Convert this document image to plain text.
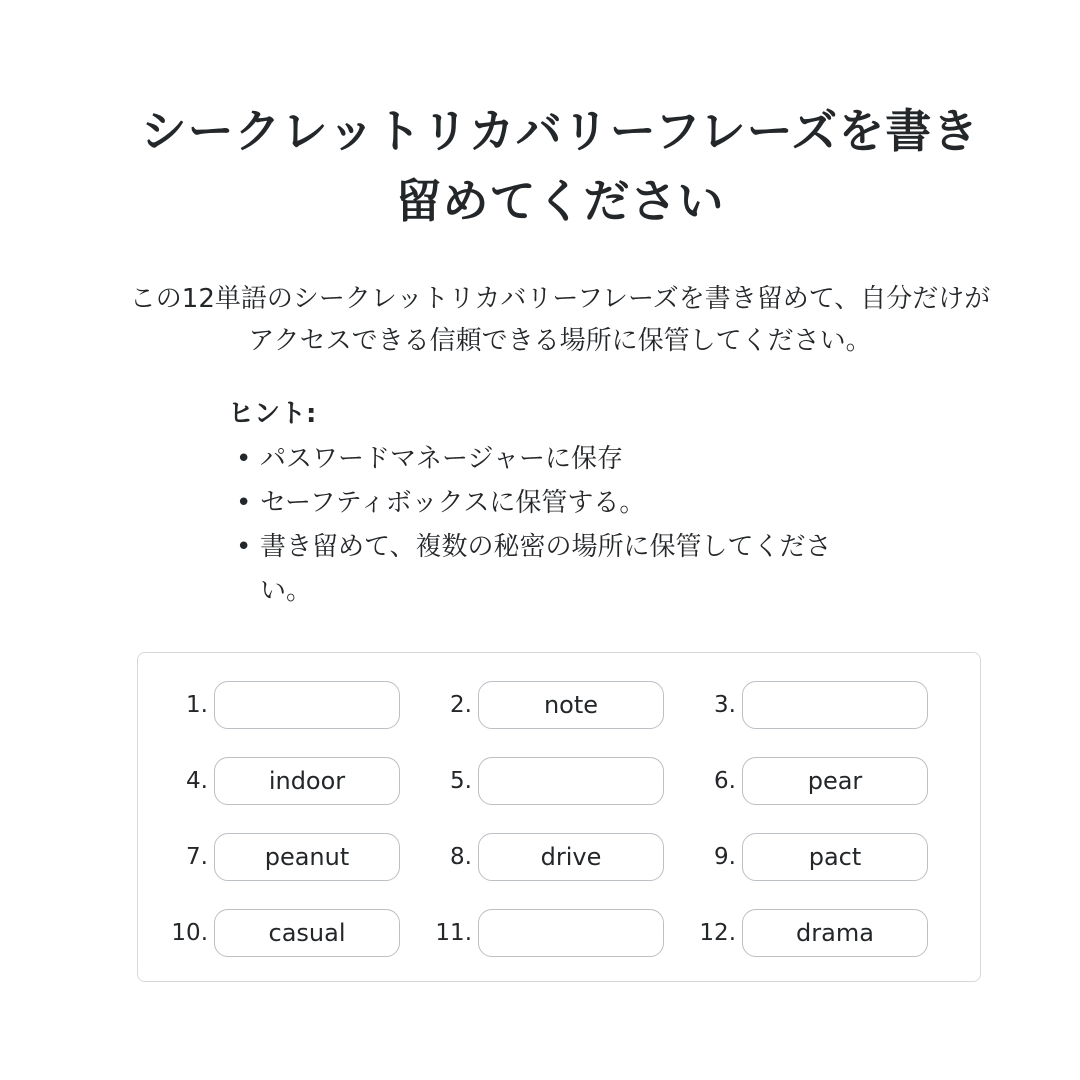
シークレットリカバリーフレーズを書き留めてください

この12単語のシークレットリカバリーフレーズを書き留めて、自分だけがアクセスできる信頼できる場所に保管してください。

ヒント:
• パスワードマネージャーに保存
• セーフティボックスに保管する。
• 書き留めて、複数の秘密の場所に保管してください。
1.	2.	note	3.
4.	indoor	5.	6.	pear
7.	peanut	8.	drive	9.	pact
10.	casual	11.	12.	drama
